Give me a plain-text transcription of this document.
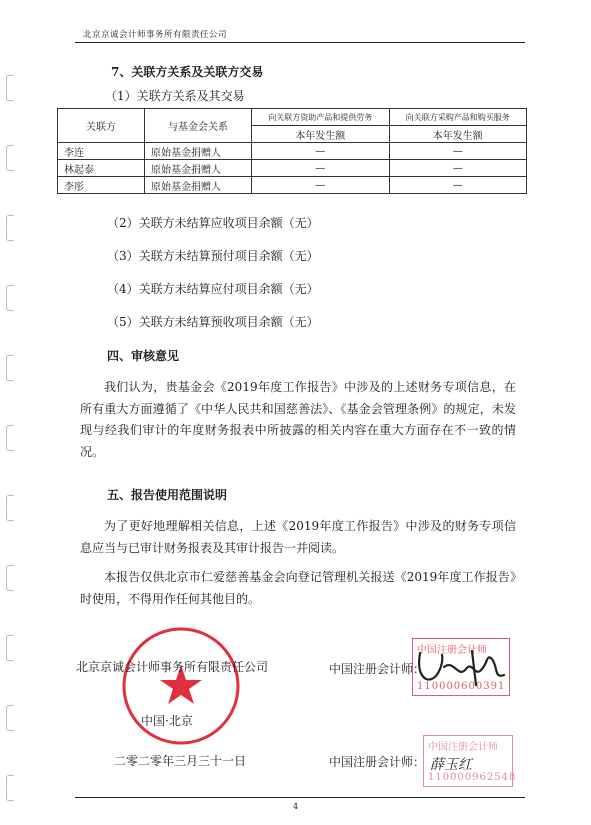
北京京诚会计师事务所有限责任公司
7、关联方关系及关联方交易
（1）关联方关系及其交易
关联方	与基金会关系	向关联方资助产品和提供劳务	向关联方采购产品和购买服务
		本年发生额	本年发生额
李连	原始基金捐赠人	—	—
林起泰	原始基金捐赠人	—	—
李彤	原始基金捐赠人	—	—
（2）关联方未结算应收项目余额（无）
（3）关联方未结算预付项目余额（无）
（4）关联方未结算应付项目余额（无）
（5）关联方未结算预收项目余额（无）
四、审核意见
我们认为，贵基金会《2019年度工作报告》中涉及的上述财务专项信息，在所有重大方面遵循了《中华人民共和国慈善法》、《基金会管理条例》的规定，未发现与经我们审计的年度财务报表中所披露的相关内容在重大方面存在不一致的情况。
五、报告使用范围说明
为了更好地理解相关信息，上述《2019年度工作报告》中涉及的财务专项信息应当与已审计财务报表及其审计报告一并阅读。
本报告仅供北京市仁爱慈善基金会向登记管理机关报送《2019年度工作报告》时使用，不得用作任何其他目的。
北京京诚会计师事务所有限责任公司
中国·北京
二零二零年三月三十一日
中国注册会计师：
中国注册会计师：
中国注册会计师
110000600391
中国注册会计师
110000962548
薛玉红
4
